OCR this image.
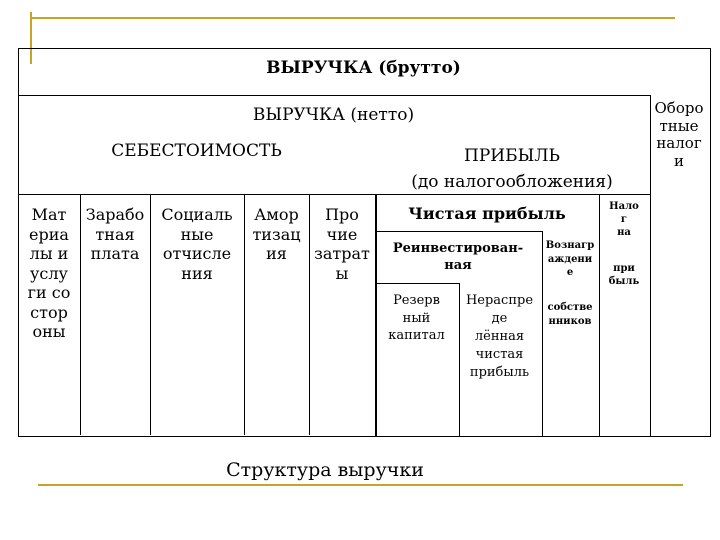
ВЫРУЧКА (брутто)
ВЫРУЧКА (нетто)	Оборо
тные
налог
и
СЕБЕСТОИМОСТЬ	ПРИБЫЛЬ
(до налогообложения)
Мат
ериа
лы и
услу
ги со
стор
оны
Зарабо
тная
плата
Социаль
ные
отчисле
ния
Амор
тизац
ия
Про
чие
затрат
ы
Чистая прибыль
Реинвестирован-
ная
Вознагр
аждени
е
собстве
нников
Резерв
ный
капитал
Нераспре
де
лённая
чистая
прибыль
Нало
г
на
при
быль
Структура выручки
